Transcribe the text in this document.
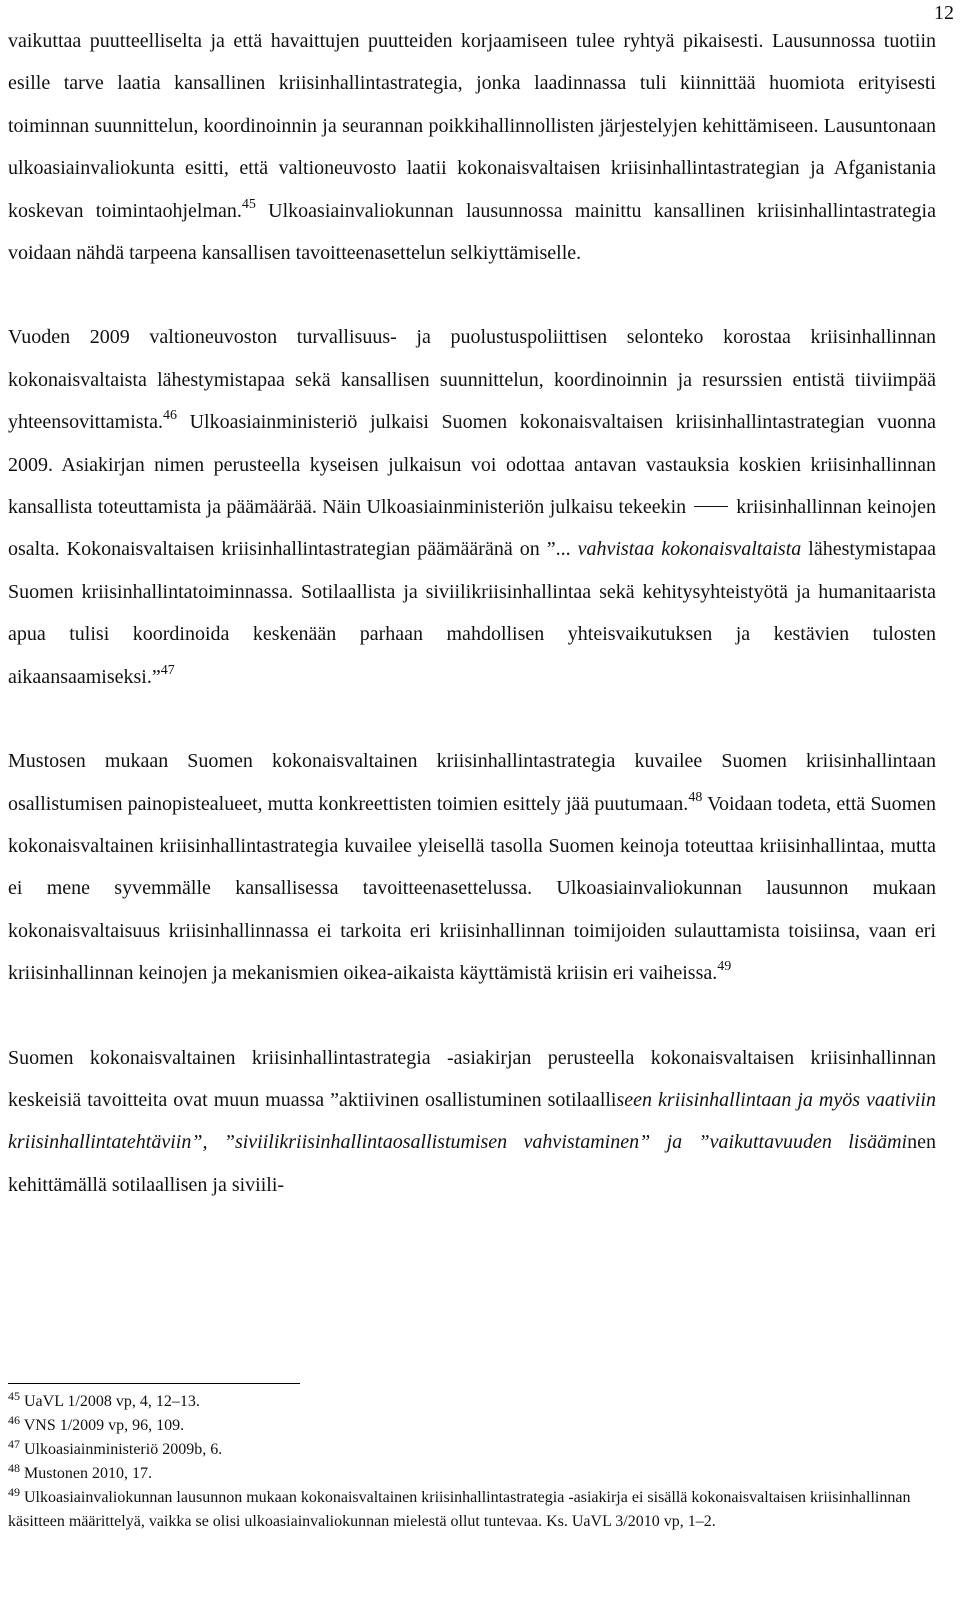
12

vaikuttaa puutteelliselta ja että havaittujen puutteiden korjaamiseen tulee ryhtyä pikaisesti. Lausunnossa tuotiin esille tarve laatia kansallinen kriisinhallintastrategia, jonka laadinnassa tuli kiinnittää huomiota erityisesti toiminnan suunnittelun, koordinoinnin ja seurannan poikkihallinnollisten järjestelyjen kehittämiseen. Lausuntonaan ulkoasiainvaliokunta esitti, että valtioneuvosto laatii kokonaisvaltaisen kriisinhallintastrategian ja Afganistania koskevan toimintaohjelman.$^{45}$ Ulkoasiainvaliokunnan lausunnossa mainittu kansallinen kriisinhallintastrategia voidaan nähdä tarpeena kansallisen tavoitteenasettelun selkiyttämiselle.

Vuoden 2009 valtioneuvoston turvallisuus- ja puolustuspoliittisen selonteko korostaa kriisinhallinnan kokonaisvaltaista lähestymistapaa sekä kansallisen suunnittelun, koordinoinnin ja resurssien entistä tiiviimpää yhteensovittamista.$^{46}$ Ulkoasiainministeriö julkaisi Suomen kokonaisvaltaisen kriisinhallintastrategian vuonna 2009. Asiakirjan nimen perusteella kyseisen julkaisun voi odottaa antavan vastauksia koskien kriisinhallinnan kansallista toteuttamista ja päämäärää. Näin Ulkoasiainministeriön julkaisu tekeekin	kriisinhallinnan keinojen osalta. Kokonaisvaltaisen kriisinhallintastrategian päämääränä on ”... vahvistaa kokonaisvaltaista lähestymistapaa Suomen kriisinhallintatoiminnassa. Sotilaallista ja siviilikriisinhallintaa sekä kehitysyhteistyötä ja humanitaarista apua tulisi koordinoida keskenään parhaan mahdollisen yhteisvaikutuksen ja kestävien tulosten aikaansaamiseksi.”$^{47}$

Mustosen mukaan Suomen kokonaisvaltainen kriisinhallintastrategia kuvailee Suomen kriisinhallintaan osallistumisen painopistealueet, mutta konkreettisten toimien esittely jää puutumaan.$^{48}$ Voidaan todeta, että Suomen kokonaisvaltainen kriisinhallintastrategia kuvailee yleisellä tasolla Suomen keinoja toteuttaa kriisinhallintaa, mutta ei mene syvemmälle kansallisessa tavoitteenasettelussa. Ulkoasiainvaliokunnan lausunnon mukaan kokonaisvaltaisuus kriisinhallinnassa ei tarkoita eri kriisinhallinnan toimijoiden sulauttamista toisiinsa, vaan eri kriisinhallinnan keinojen ja mekanismien oikea-aikaista käyttämistä kriisin eri vaiheissa.$^{49}$

Suomen kokonaisvaltainen kriisinhallintastrategia -asiakirjan perusteella kokonaisvaltaisen kriisinhallinnan keskeisiä tavoitteita ovat muun muassa ”aktiivinen osallistuminen sotilaalliseen kriisinhallintaan ja myös vaativiin kriisinhallintatehtäviin”, ”siviilikriisinhallintaosallistumisen vahvistaminen” ja ”vaikuttavuuden lisääminen kehittämällä sotilaallisen ja siviili-

$^{45}$ UaVL 1/2008 vp, 4, 12–13.
$^{46}$ VNS 1/2009 vp, 96, 109.
$^{47}$ Ulkoasiainministeriö 2009b, 6.
$^{48}$ Mustonen 2010, 17.
$^{49}$ Ulkoasiainvaliokunnan lausunnon mukaan kokonaisvaltainen kriisinhallintastrategia -asiakirja ei sisällä kokonaisvaltaisen kriisinhallinnan käsitteen määrittelyä, vaikka se olisi ulkoasiainvaliokunnan mielestä ollut tuntevaa. Ks. UaVL 3/2010 vp, 1–2.
